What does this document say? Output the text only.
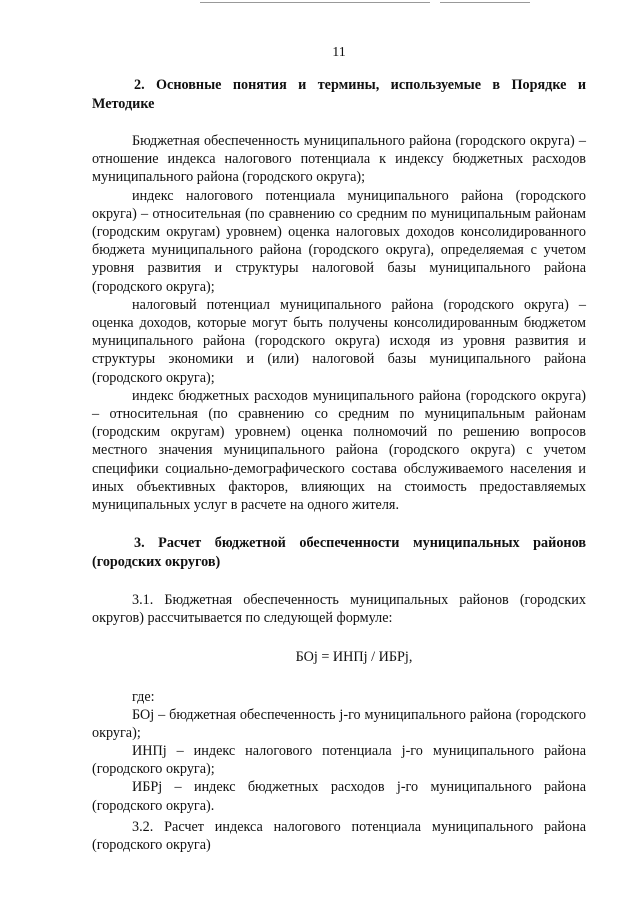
11

2. Основные понятия и термины, используемые в Порядке и Методике

Бюджетная обеспеченность муниципального района (городского округа) – отношение индекса налогового потенциала к индексу бюджетных расходов муниципального района (городского округа);

индекс налогового потенциала муниципального района (городского округа) – относительная (по сравнению со средним по муниципальным районам (городским округам) уровнем) оценка налоговых доходов консолидированного бюджета муниципального района (городского округа), определяемая с учетом уровня развития и структуры налоговой базы муниципального района (городского округа);

налоговый потенциал муниципального района (городского округа) – оценка доходов, которые могут быть получены консолидированным бюджетом муниципального района (городского округа) исходя из уровня развития и структуры экономики и (или) налоговой базы муниципального района (городского округа);

индекс бюджетных расходов муниципального района (городского округа) – относительная (по сравнению со средним по муниципальным районам (городским округам) уровнем) оценка полномочий по решению вопросов местного значения муниципального района (городского округа) с учетом специфики социально-демографического состава обслуживаемого населения и иных объективных факторов, влияющих на стоимость предоставляемых муниципальных услуг в расчете на одного жителя.

3. Расчет бюджетной обеспеченности муниципальных районов (городских округов)

3.1. Бюджетная обеспеченность муниципальных районов (городских округов) рассчитывается по следующей формуле:

БОj = ИНПj / ИБРj,

где:

БОj – бюджетная обеспеченность j-го муниципального района (городского округа);

ИНПj – индекс налогового потенциала j-го муниципального района (городского округа);

ИБРj – индекс бюджетных расходов j-го муниципального района (городского округа).

3.2. Расчет индекса налогового потенциала муниципального района (городского округа)
